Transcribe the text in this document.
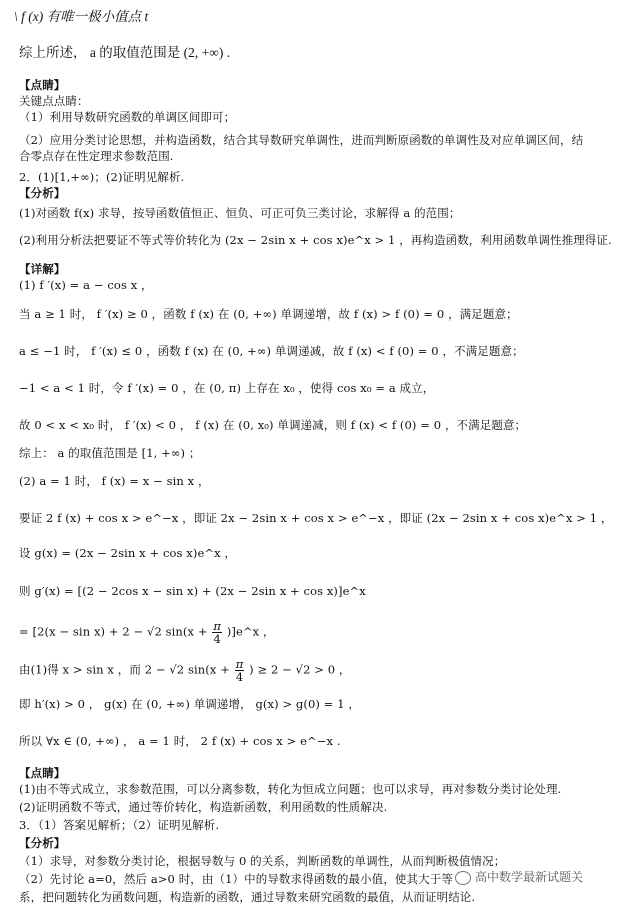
\ f (x) 有唯一极小值点 t
综上所述， a 的取值范围是 (2, +∞) .
【点睛】
关键点点睛：
（1）利用导数研究函数的单调区间即可；
（2）应用分类讨论思想，并构造函数，结合其导数研究单调性，进而判断原函数的单调性及对应单调区间，结
合零点存在性定理求参数范围.
2．(1)[1,+∞)；(2)证明见解析.
【分析】
(1)对函数 f(x) 求导，按导函数值恒正、恒负、可正可负三类讨论，求解得 a 的范围；
(2)利用分析法把要证不等式等价转化为 (2x − 2sin x + cos x)e^x > 1 ，再构造函数，利用函数单调性推理得证.
【详解】
(1) f ′(x) = a − cos x ，
当 a ≥ 1 时， f ′(x) ≥ 0 ，函数 f (x) 在 (0, +∞) 单调递增，故 f (x) > f (0) = 0 ，满足题意；
a ≤ −1 时， f ′(x) ≤ 0 ，函数 f (x) 在 (0, +∞) 单调递减，故 f (x) < f (0) = 0 ，不满足题意；
−1 < a < 1 时，令 f ′(x) = 0 ，在 (0, π) 上存在 x₀ ，使得 cos x₀ = a 成立，
故 0 < x < x₀ 时， f ′(x) < 0 ， f (x) 在 (0, x₀) 单调递减，则 f (x) < f (0) = 0 ，不满足题意；
综上： a 的取值范围是 [1, +∞) ；
(2) a = 1 时， f (x) = x − sin x ，
要证 2 f (x) + cos x > e^−x ，即证 2x − 2sin x + cos x > e^−x ，即证 (2x − 2sin x + cos x)e^x > 1 ，
设 g(x) = (2x − 2sin x + cos x)e^x ，
则 g′(x) = [(2 − 2cos x − sin x) + (2x − 2sin x + cos x)]e^x
= [2(x − sin x) + 2 − √2 $\sin(x + \frac{\pi}{4}$ )]e^x ，
由(1)得 x > sin x ，而 2 − √2 $\sin(x + \frac{\pi}{4}$ ) ≥ 2 − √2 > 0 ，
即 h′(x) > 0 ， g(x) 在 (0, +∞) 单调递增， g(x) > g(0) = 1 ，
所以 ∀x ∈ (0, +∞) ， a = 1 时， 2 f (x) + cos x > e^−x .
【点睛】
(1)由不等式成立，求参数范围，可以分离参数，转化为恒成立问题；也可以求导，再对参数分类讨论处理.
(2)证明函数不等式，通过等价转化，构造新函数，利用函数的性质解决.
3．（1）答案见解析；（2）证明见解析.
【分析】
（1）求导，对参数分类讨论，根据导数与 0 的关系，判断函数的单调性，从而判断极值情况；
（2）先讨论 a=0，然后 a>0 时，由（1）中的导数求得函数的最小值，使其大于等
系，把问题转化为函数问题，构造新的函数，通过导数来研究函数的最值，从而证明结论.
高中数学最新试题关
